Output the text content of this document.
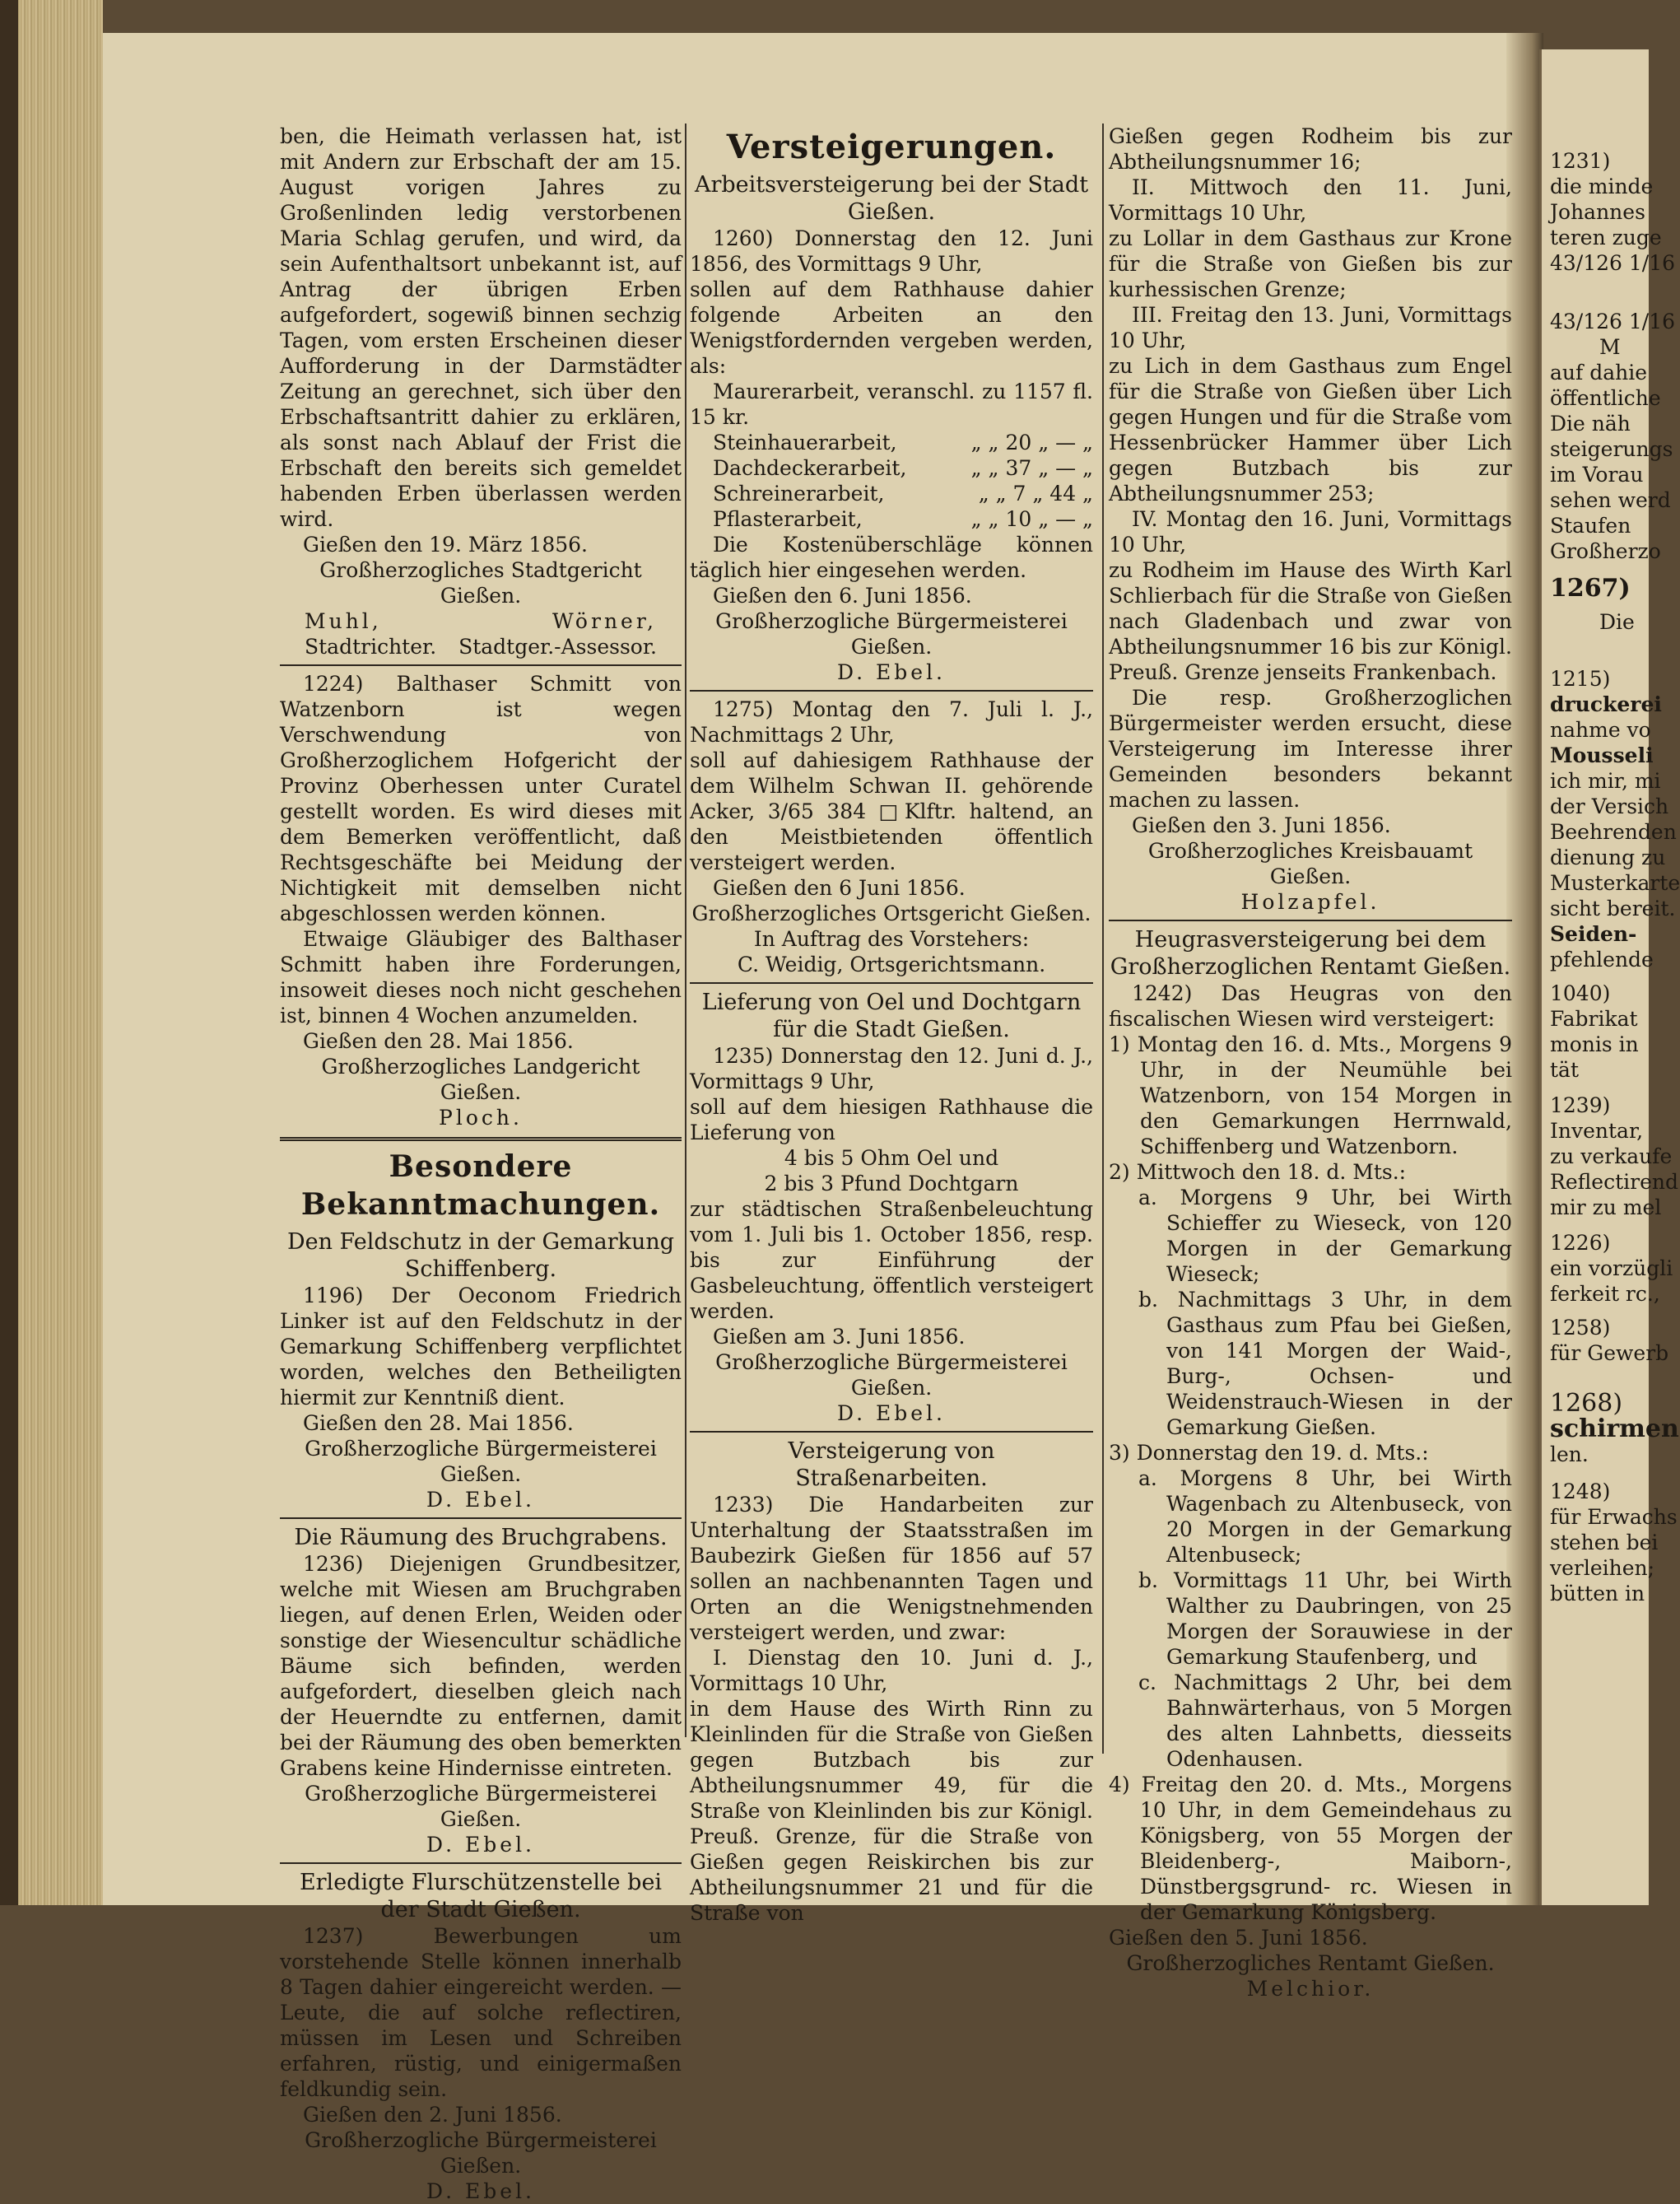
ben, die Heimath verlassen hat, ist mit Andern zur Erbschaft der am 15. August vorigen Jahres zu Großenlinden ledig verstorbenen Maria Schlag gerufen, und wird, da sein Aufenthaltsort unbekannt ist, auf Antrag der übrigen Erben aufgefordert, sogewiß binnen sechzig Tagen, vom ersten Erscheinen dieser Aufforderung in der Darmstädter Zeitung an gerechnet, sich über den Erbschaftsantritt dahier zu erklären, als sonst nach Ablauf der Frist die Erbschaft den bereits sich gemeldet habenden Erben überlassen werden wird.

Gießen den 19. März 1856.

Großherzogliches Stadtgericht Gießen.

Muhl,	Wörner,
Stadtrichter. Stadtger.-Assessor.

1224) Balthaser Schmitt von Watzenborn ist wegen Verschwendung von Großherzoglichem Hofgericht der Provinz Oberhessen unter Curatel gestellt worden. Es wird dieses mit dem Bemerken veröffentlicht, daß Rechtsgeschäfte bei Meidung der Nichtigkeit mit demselben nicht abgeschlossen werden können.

Etwaige Gläubiger des Balthaser Schmitt haben ihre Forderungen, insoweit dieses noch nicht geschehen ist, binnen 4 Wochen anzumelden.

Gießen den 28. Mai 1856.

Großherzogliches Landgericht Gießen.

Ploch.

Besondere Bekanntmachungen.
Den Feldschutz in der Gemarkung Schiffenberg.

1196) Der Oeconom Friedrich Linker ist auf den Feldschutz in der Gemarkung Schiffenberg verpflichtet worden, welches den Betheiligten hiermit zur Kenntniß dient.

Gießen den 28. Mai 1856.

Großherzogliche Bürgermeisterei Gießen.

D. Ebel.

Die Räumung des Bruchgrabens.

1236) Diejenigen Grundbesitzer, welche mit Wiesen am Bruchgraben liegen, auf denen Erlen, Weiden oder sonstige der Wiesencultur schädliche Bäume sich befinden, werden aufgefordert, dieselben gleich nach der Heuerndte zu entfernen, damit bei der Räumung des oben bemerkten Grabens keine Hindernisse eintreten.

Großherzogliche Bürgermeisterei Gießen.

D. Ebel.

Erledigte Flurschützenstelle bei der Stadt Gießen.

1237) Bewerbungen um vorstehende Stelle können innerhalb 8 Tagen dahier eingereicht werden. — Leute, die auf solche reflectiren, müssen im Lesen und Schreiben erfahren, rüstig, und einigermaßen feldkundig sein.

Gießen den 2. Juni 1856.

Großherzogliche Bürgermeisterei Gießen.

D. Ebel.

Versteigerungen.
Arbeitsversteigerung bei der Stadt Gießen.

1260) Donnerstag den 12. Juni 1856, des Vormittags 9 Uhr,

sollen auf dem Rathhause dahier folgende Arbeiten an den Wenigstfordernden vergeben werden, als:

Maurerarbeit, veranschl. zu 1157 fl. 15 kr.

Steinhauerarbeit,	„ „ 20 „ — „
Dachdeckerarbeit,	„ „ 37 „ — „
Schreinerarbeit,	„ „ 7 „ 44 „
Pflasterarbeit,	„ „ 10 „ — „

Die Kostenüberschläge können täglich hier eingesehen werden.

Gießen den 6. Juni 1856.

Großherzogliche Bürgermeisterei Gießen.

D. Ebel.

1275) Montag den 7. Juli l. J., Nachmittags 2 Uhr,

soll auf dahiesigem Rathhause der dem Wilhelm Schwan II. gehörende Acker, 3/65 384 □Klftr. haltend, an den Meistbietenden öffentlich versteigert werden.

Gießen den 6 Juni 1856.

Großherzogliches Ortsgericht Gießen.

In Auftrag des Vorstehers:

C. Weidig, Ortsgerichtsmann.

Lieferung von Oel und Dochtgarn für die Stadt Gießen.

1235) Donnerstag den 12. Juni d. J., Vormittags 9 Uhr,

soll auf dem hiesigen Rathhause die Lieferung von

4 bis 5 Ohm Oel und

2 bis 3 Pfund Dochtgarn

zur städtischen Straßenbeleuchtung vom 1. Juli bis 1. October 1856, resp. bis zur Einführung der Gasbeleuchtung, öffentlich versteigert werden.

Gießen am 3. Juni 1856.

Großherzogliche Bürgermeisterei Gießen.

D. Ebel.

Versteigerung von Straßenarbeiten.

1233) Die Handarbeiten zur Unterhaltung der Staatsstraßen im Baubezirk Gießen für 1856 auf 57 sollen an nachbenannten Tagen und Orten an die Wenigstnehmenden versteigert werden, und zwar:

I. Dienstag den 10. Juni d. J., Vormittags 10 Uhr,

in dem Hause des Wirth Rinn zu Kleinlinden für die Straße von Gießen gegen Butzbach bis zur Abtheilungsnummer 49, für die Straße von Kleinlinden bis zur Königl. Preuß. Grenze, für die Straße von Gießen gegen Reiskirchen bis zur Abtheilungsnummer 21 und für die Straße von

Gießen gegen Rodheim bis zur Abtheilungsnummer 16;

II. Mittwoch den 11. Juni, Vormittags 10 Uhr,

zu Lollar in dem Gasthaus zur Krone für die Straße von Gießen bis zur kurhessischen Grenze;

III. Freitag den 13. Juni, Vormittags 10 Uhr,

zu Lich in dem Gasthaus zum Engel für die Straße von Gießen über Lich gegen Hungen und für die Straße vom Hessenbrücker Hammer über Lich gegen Butzbach bis zur Abtheilungsnummer 253;

IV. Montag den 16. Juni, Vormittags 10 Uhr,

zu Rodheim im Hause des Wirth Karl Schlierbach für die Straße von Gießen nach Gladenbach und zwar von Abtheilungsnummer 16 bis zur Königl. Preuß. Grenze jenseits Frankenbach.

Die resp. Großherzoglichen Bürgermeister werden ersucht, diese Versteigerung im Interesse ihrer Gemeinden besonders bekannt machen zu lassen.

Gießen den 3. Juni 1856.

Großherzogliches Kreisbauamt Gießen.

Holzapfel.

Heugrasversteigerung bei dem Großherzoglichen Rentamt Gießen.

1242) Das Heugras von den fiscalischen Wiesen wird versteigert:

1) Montag den 16. d. Mts., Morgens 9 Uhr, in der Neumühle bei Watzenborn, von 154 Morgen in den Gemarkungen Herrnwald, Schiffenberg und Watzenborn.

2) Mittwoch den 18. d. Mts.:

a. Morgens 9 Uhr, bei Wirth Schieffer zu Wieseck, von 120 Morgen in der Gemarkung Wieseck;

b. Nachmittags 3 Uhr, in dem Gasthaus zum Pfau bei Gießen, von 141 Morgen der Waid-, Burg-, Ochsen- und Weidenstrauch-Wiesen in der Gemarkung Gießen.

3) Donnerstag den 19. d. Mts.:

a. Morgens 8 Uhr, bei Wirth Wagenbach zu Altenbuseck, von 20 Morgen in der Gemarkung Altenbuseck;

b. Vormittags 11 Uhr, bei Wirth Walther zu Daubringen, von 25 Morgen der Sorauwiese in der Gemarkung Staufenberg, und

c. Nachmittags 2 Uhr, bei dem Bahnwärterhaus, von 5 Morgen des alten Lahnbetts, diesseits Odenhausen.

4) Freitag den 20. d. Mts., Morgens 10 Uhr, in dem Gemeindehaus zu Königsberg, von 55 Morgen der Bleidenberg-, Maiborn-, Dünstbergsgrund- rc. Wiesen in der Gemarkung Königsberg.

Gießen den 5. Juni 1856.

Großherzogliches Rentamt Gießen.

Melchior.

1231)

die minde

Johannes

teren zuge

43/126 1/16

43/126 1/16

M

auf dahie

öffentliche

Die näh

steigerungs

im Vorau

sehen werd

Staufen

Großherzo

1267)

Die

1215)

druckerei

nahme vo

Mousseli

ich mir, mi

der Versich

Beehrenden

dienung zu

Musterkarte

sicht bereit.

Seiden-

pfehlende

1040)

Fabrikat

monis in

tät

1239)

Inventar,

zu verkaufe

Reflectirend

mir zu mel

1226)

ein vorzügli

ferkeit rc.,

1258)

für Gewerb

1268)

schirmen

len.

1248)

für Erwachs

stehen bei

verleihen;

bütten in
